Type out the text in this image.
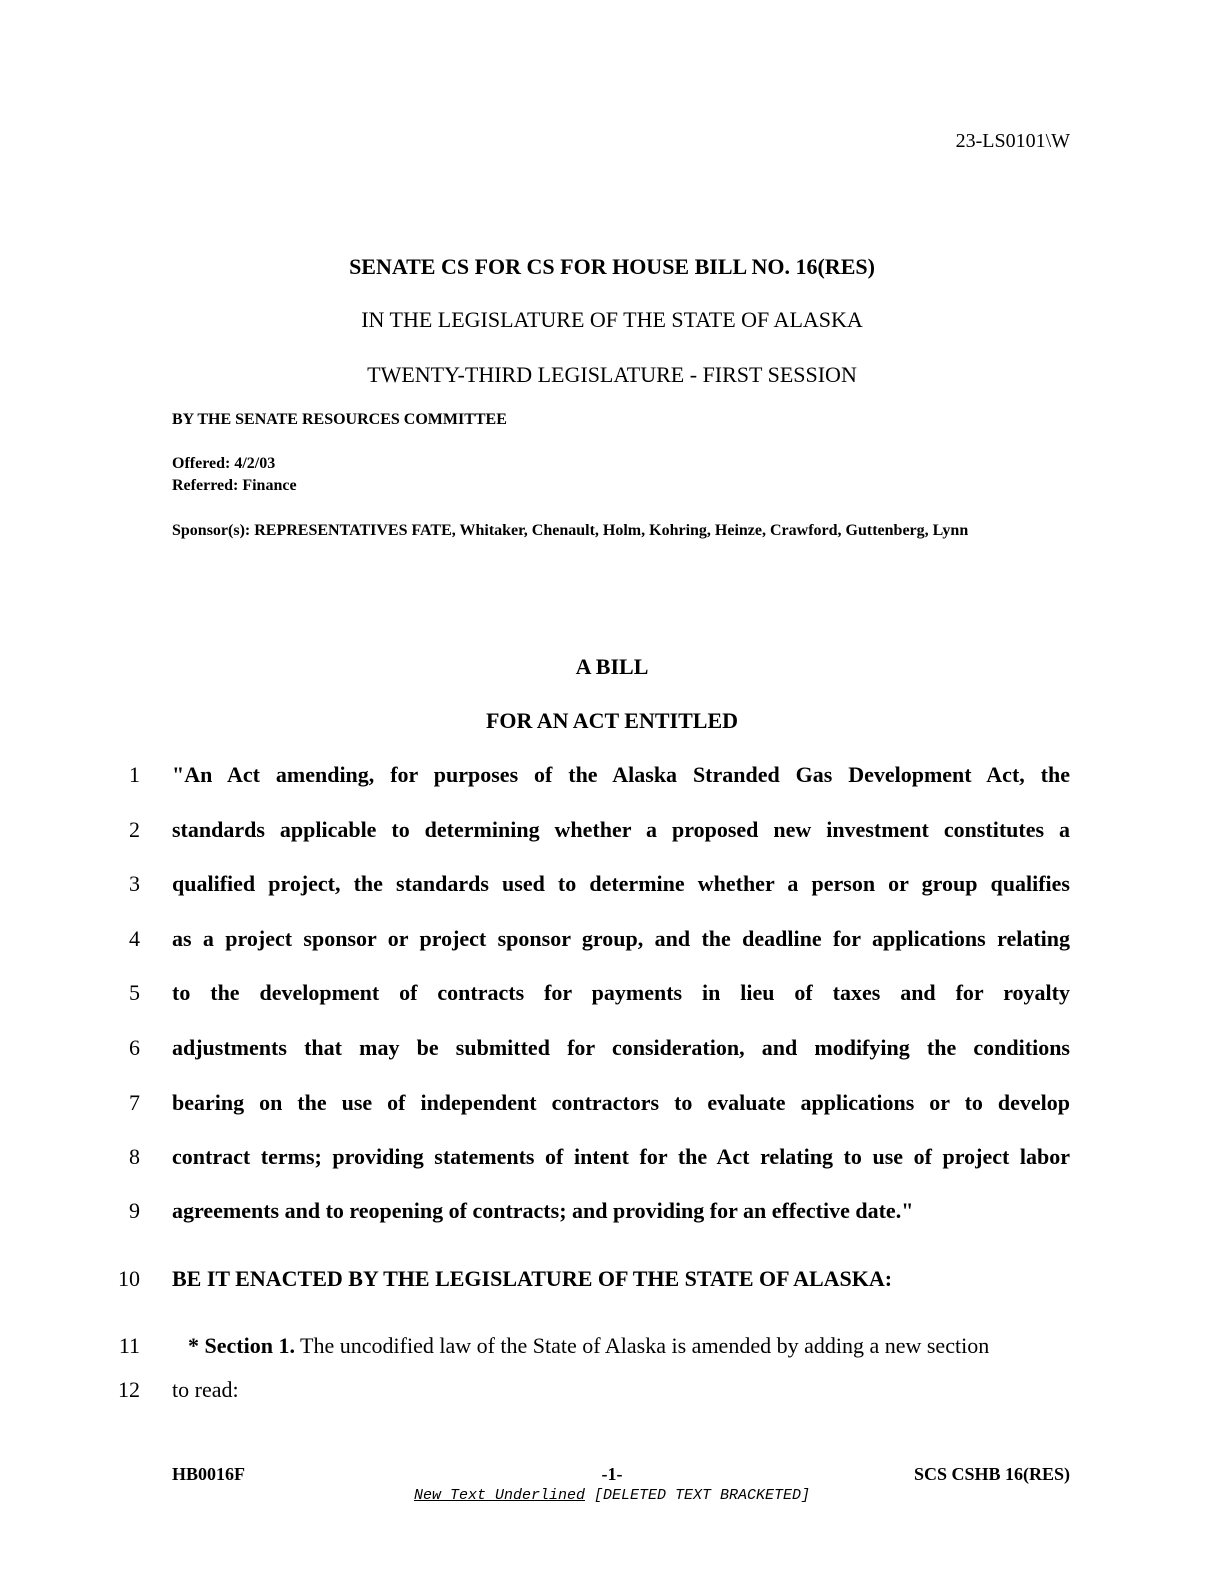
23-LS0101\W
SENATE CS FOR CS FOR HOUSE BILL NO. 16(RES)
IN THE LEGISLATURE OF THE STATE OF ALASKA
TWENTY-THIRD LEGISLATURE - FIRST SESSION
BY THE SENATE RESOURCES COMMITTEE
Offered: 4/2/03
Referred: Finance
Sponsor(s): REPRESENTATIVES FATE, Whitaker, Chenault, Holm, Kohring, Heinze, Crawford, Guttenberg, Lynn
A BILL
FOR AN ACT ENTITLED
1 "An Act amending, for purposes of the Alaska Stranded Gas Development Act, the
2 standards applicable to determining whether a proposed new investment constitutes a
3 qualified project, the standards used to determine whether a person or group qualifies
4 as a project sponsor or project sponsor group, and the deadline for applications relating
5 to the development of contracts for payments in lieu of taxes and for royalty
6 adjustments that may be submitted for consideration, and modifying the conditions
7 bearing on the use of independent contractors to evaluate applications or to develop
8 contract terms; providing statements of intent for the Act relating to use of project labor
9 agreements and to reopening of contracts; and providing for an effective date."
10 BE IT ENACTED BY THE LEGISLATURE OF THE STATE OF ALASKA:
11 * Section 1. The uncodified law of the State of Alaska is amended by adding a new section
12 to read:
HB0016F	-1-	SCS CSHB 16(RES)
New Text Underlined [DELETED TEXT BRACKETED]
